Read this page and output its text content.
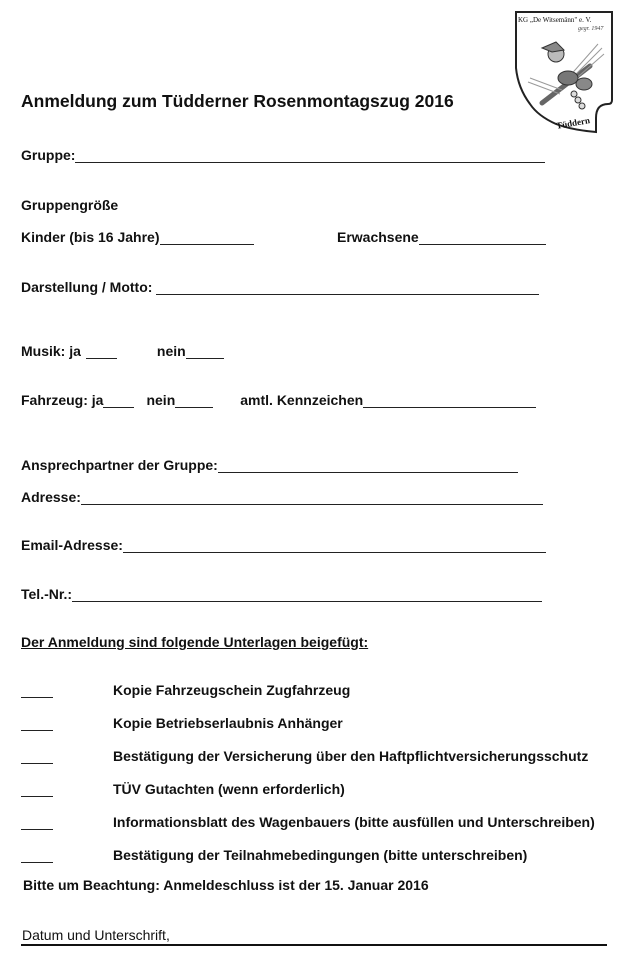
KG „De Witsemänn" e. V.
gegr. 1947
Tüddern
Anmeldung zum Tüdderner Rosenmontagszug 2016
Gruppe:
Gruppengröße
Kinder (bis 16 Jahre)	Erwachsene
Darstellung / Motto:
Musik: ja	nein
Fahrzeug: ja	nein	amtl. Kennzeichen
Ansprechpartner der Gruppe:
Adresse:
Email-Adresse:
Tel.-Nr.:
Der Anmeldung sind folgende Unterlagen beigefügt:
Kopie Fahrzeugschein Zugfahrzeug
Kopie Betriebserlaubnis Anhänger
Bestätigung der Versicherung über den Haftpflichtversicherungsschutz
TÜV Gutachten (wenn erforderlich)
Informationsblatt des Wagenbauers (bitte ausfüllen und Unterschreiben)
Bestätigung der Teilnahmebedingungen (bitte unterschreiben)
Bitte um Beachtung: Anmeldeschluss ist der 15. Januar 2016
Datum und Unterschrift,
